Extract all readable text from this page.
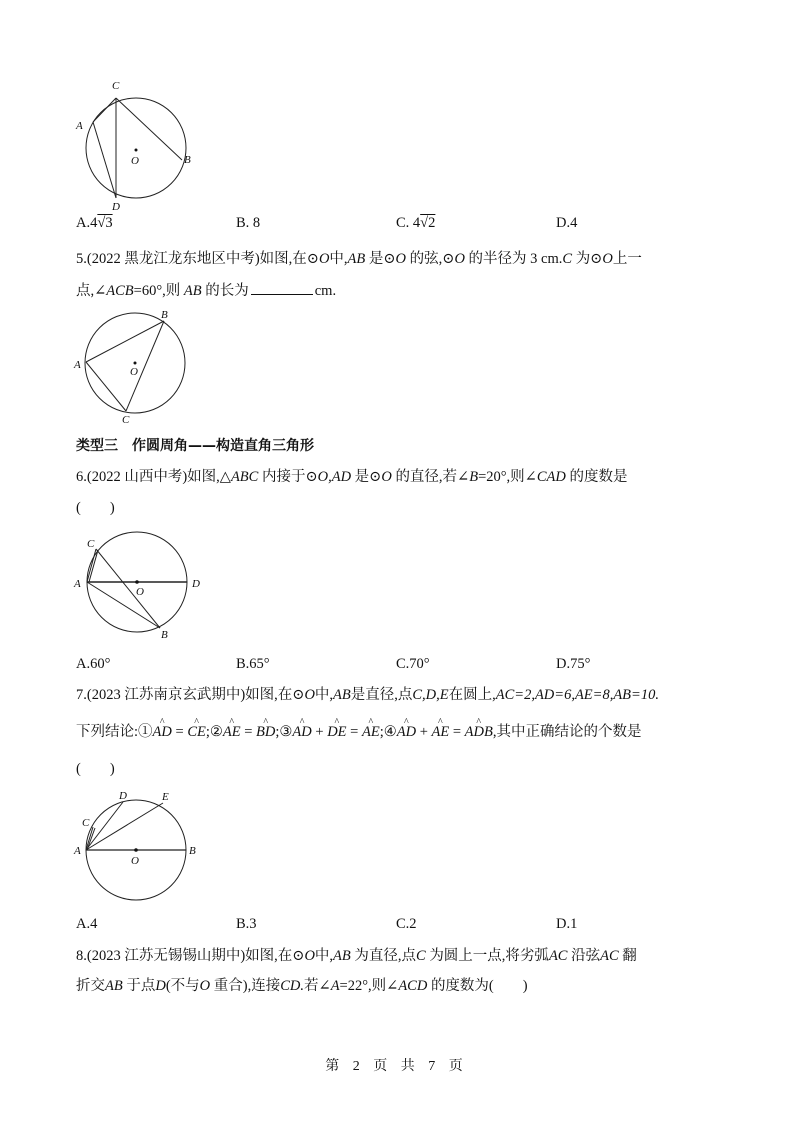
C
A
O	B
D
A.4√3	B. 8	C. 4√2	D.4
5.(2022 黑龙江龙东地区中考)如图,在⊙O中,AB 是⊙O 的弦,⊙O 的半径为 3 cm.C 为⊙O上一
点,∠ACB=60°,则 AB 的长为	cm.
B
A
O
C
类型三　作圆周角——构造直角三角形
6.(2022 山西中考)如图,△ABC 内接于⊙O,AD 是⊙O 的直径,若∠B=20°,则∠CAD 的度数是
(　　)
C
A
O
D
B
A.60°	B.65°	C.70°	D.75°
7.(2023 江苏南京玄武期中)如图,在⊙O中,AB是直径,点C,D,E在圆上,AC=2,AD=6,AE=8,AB=10.
下列结论:①^ AD = ^ CE;②^ AE = ^ BD;③^ AD + ^ DE = ^ AE;④^ AD + ^ AE = ^ ADB,其中正确结论的个数是
(　　)
D	E
C
A
O
B
A.4	B.3	C.2	D.1
8.(2023 江苏无锡锡山期中)如图,在⊙O中,AB 为直径,点C 为圆上一点,将劣弧AC 沿弦AC 翻
折交AB 于点D(不与O 重合),连接CD.若∠A=22°,则∠ACD 的度数为(　　)
第 2 页 共 7 页
